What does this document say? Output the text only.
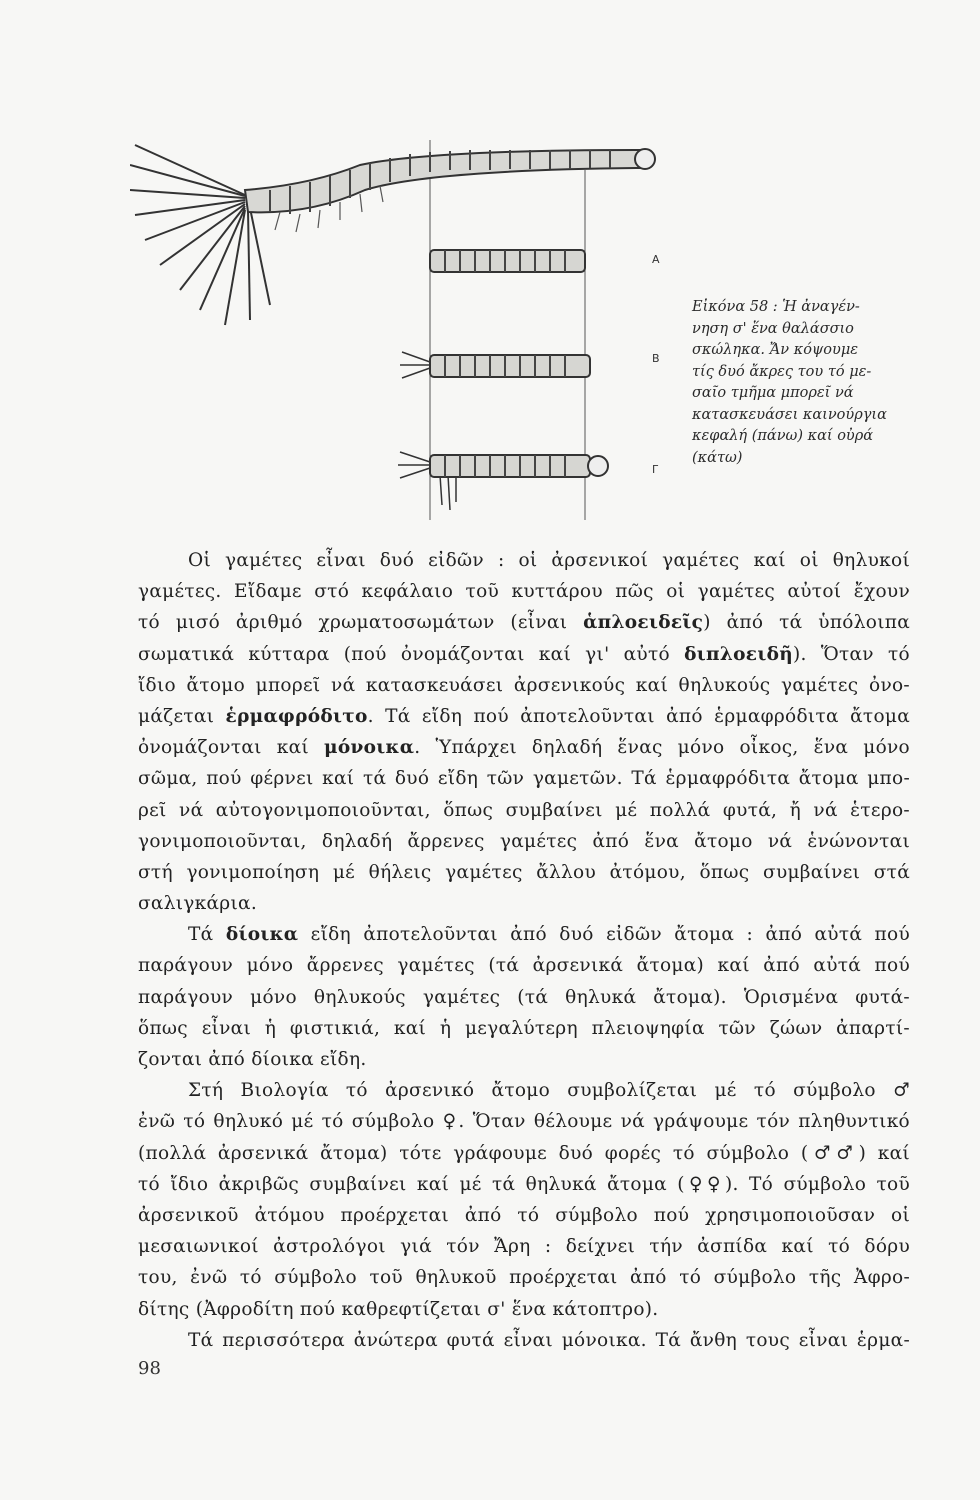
A
B
Γ
Εἰκόνα 58 : Ἡ ἀναγέν-
νηση σ' ἕνα θαλάσσιο
σκώληκα. Ἄν κόψουμε
τίς δυό ἄκρες του τό με-
σαῖο τμῆμα μπορεῖ νά
κατασκευάσει καινούργια
κεφαλή (πάνω) καί οὐρά
(κάτω)
Οἱ γαμέτες εἶναι δυό εἰδῶν : οἱ ἀρσενικοί γαμέτες καί οἱ θηλυκοί
γαμέτες. Εἴδαμε στό κεφάλαιο τοῦ κυττάρου πῶς οἱ γαμέτες αὐτοί ἔχουν
τό μισό ἀριθμό χρωματοσωμάτων (εἶναι ἁπλοειδεῖς) ἀπό τά ὑπόλοιπα
σωματικά κύτταρα (πού ὀνομάζονται καί γι' αὐτό διπλοειδῆ). Ὅταν τό
ἴδιο ἄτομο μπορεῖ νά κατασκευάσει ἀρσενικούς καί θηλυκούς γαμέτες ὀνο-
μάζεται ἑρμαφρόδιτο. Τά εἴδη πού ἀποτελοῦνται ἀπό ἑρμαφρόδιτα ἄτομα
ὀνομάζονται καί μόνοικα. Ὑπάρχει δηλαδή ἕνας μόνο οἶκος, ἕνα μόνο
σῶμα, πού φέρνει καί τά δυό εἴδη τῶν γαμετῶν. Τά ἑρμαφρόδιτα ἄτομα μπο-
ρεῖ νά αὐτογονιμοποιοῦνται, ὅπως συμβαίνει μέ πολλά φυτά, ἤ νά ἑτερο-
γονιμοποιοῦνται, δηλαδή ἄρρενες γαμέτες ἀπό ἕνα ἄτομο νά ἑνώνονται
στή γονιμοποίηση μέ θήλεις γαμέτες ἄλλου ἀτόμου, ὅπως συμβαίνει στά
σαλιγκάρια.
Τά δίοικα εἴδη ἀποτελοῦνται ἀπό δυό εἰδῶν ἄτομα : ἀπό αὐτά πού
παράγουν μόνο ἄρρενες γαμέτες (τά ἀρσενικά ἄτομα) καί ἀπό αὐτά πού
παράγουν μόνο θηλυκούς γαμέτες (τά θηλυκά ἄτομα). Ὁρισμένα φυτά-
ὅπως εἶναι ἡ φιστικιά, καί ἡ μεγαλύτερη πλειοψηφία τῶν ζώων ἀπαρτί-
ζονται ἀπό δίοικα εἴδη.
Στή Βιολογία τό ἀρσενικό ἄτομο συμβολίζεται μέ τό σύμβολο ♂
ἐνῶ τό θηλυκό μέ τό σύμβολο ♀. Ὅταν θέλουμε νά γράψουμε τόν πληθυντικό
(πολλά ἀρσενικά ἄτομα) τότε γράφουμε δυό φορές τό σύμβολο (♂♂) καί
τό ἴδιο ἀκριβῶς συμβαίνει καί μέ τά θηλυκά ἄτομα (♀♀). Τό σύμβολο τοῦ
ἀρσενικοῦ ἀτόμου προέρχεται ἀπό τό σύμβολο πού χρησιμοποιοῦσαν οἱ
μεσαιωνικοί ἀστρολόγοι γιά τόν Ἄρη : δείχνει τήν ἀσπίδα καί τό δόρυ
του, ἐνῶ τό σύμβολο τοῦ θηλυκοῦ προέρχεται ἀπό τό σύμβολο τῆς Ἀφρο-
δίτης (Ἀφροδίτη πού καθρεφτίζεται σ' ἕνα κάτοπτρο).
Τά περισσότερα ἀνώτερα φυτά εἶναι μόνοικα. Τά ἄνθη τους εἶναι ἑρμα-
98
